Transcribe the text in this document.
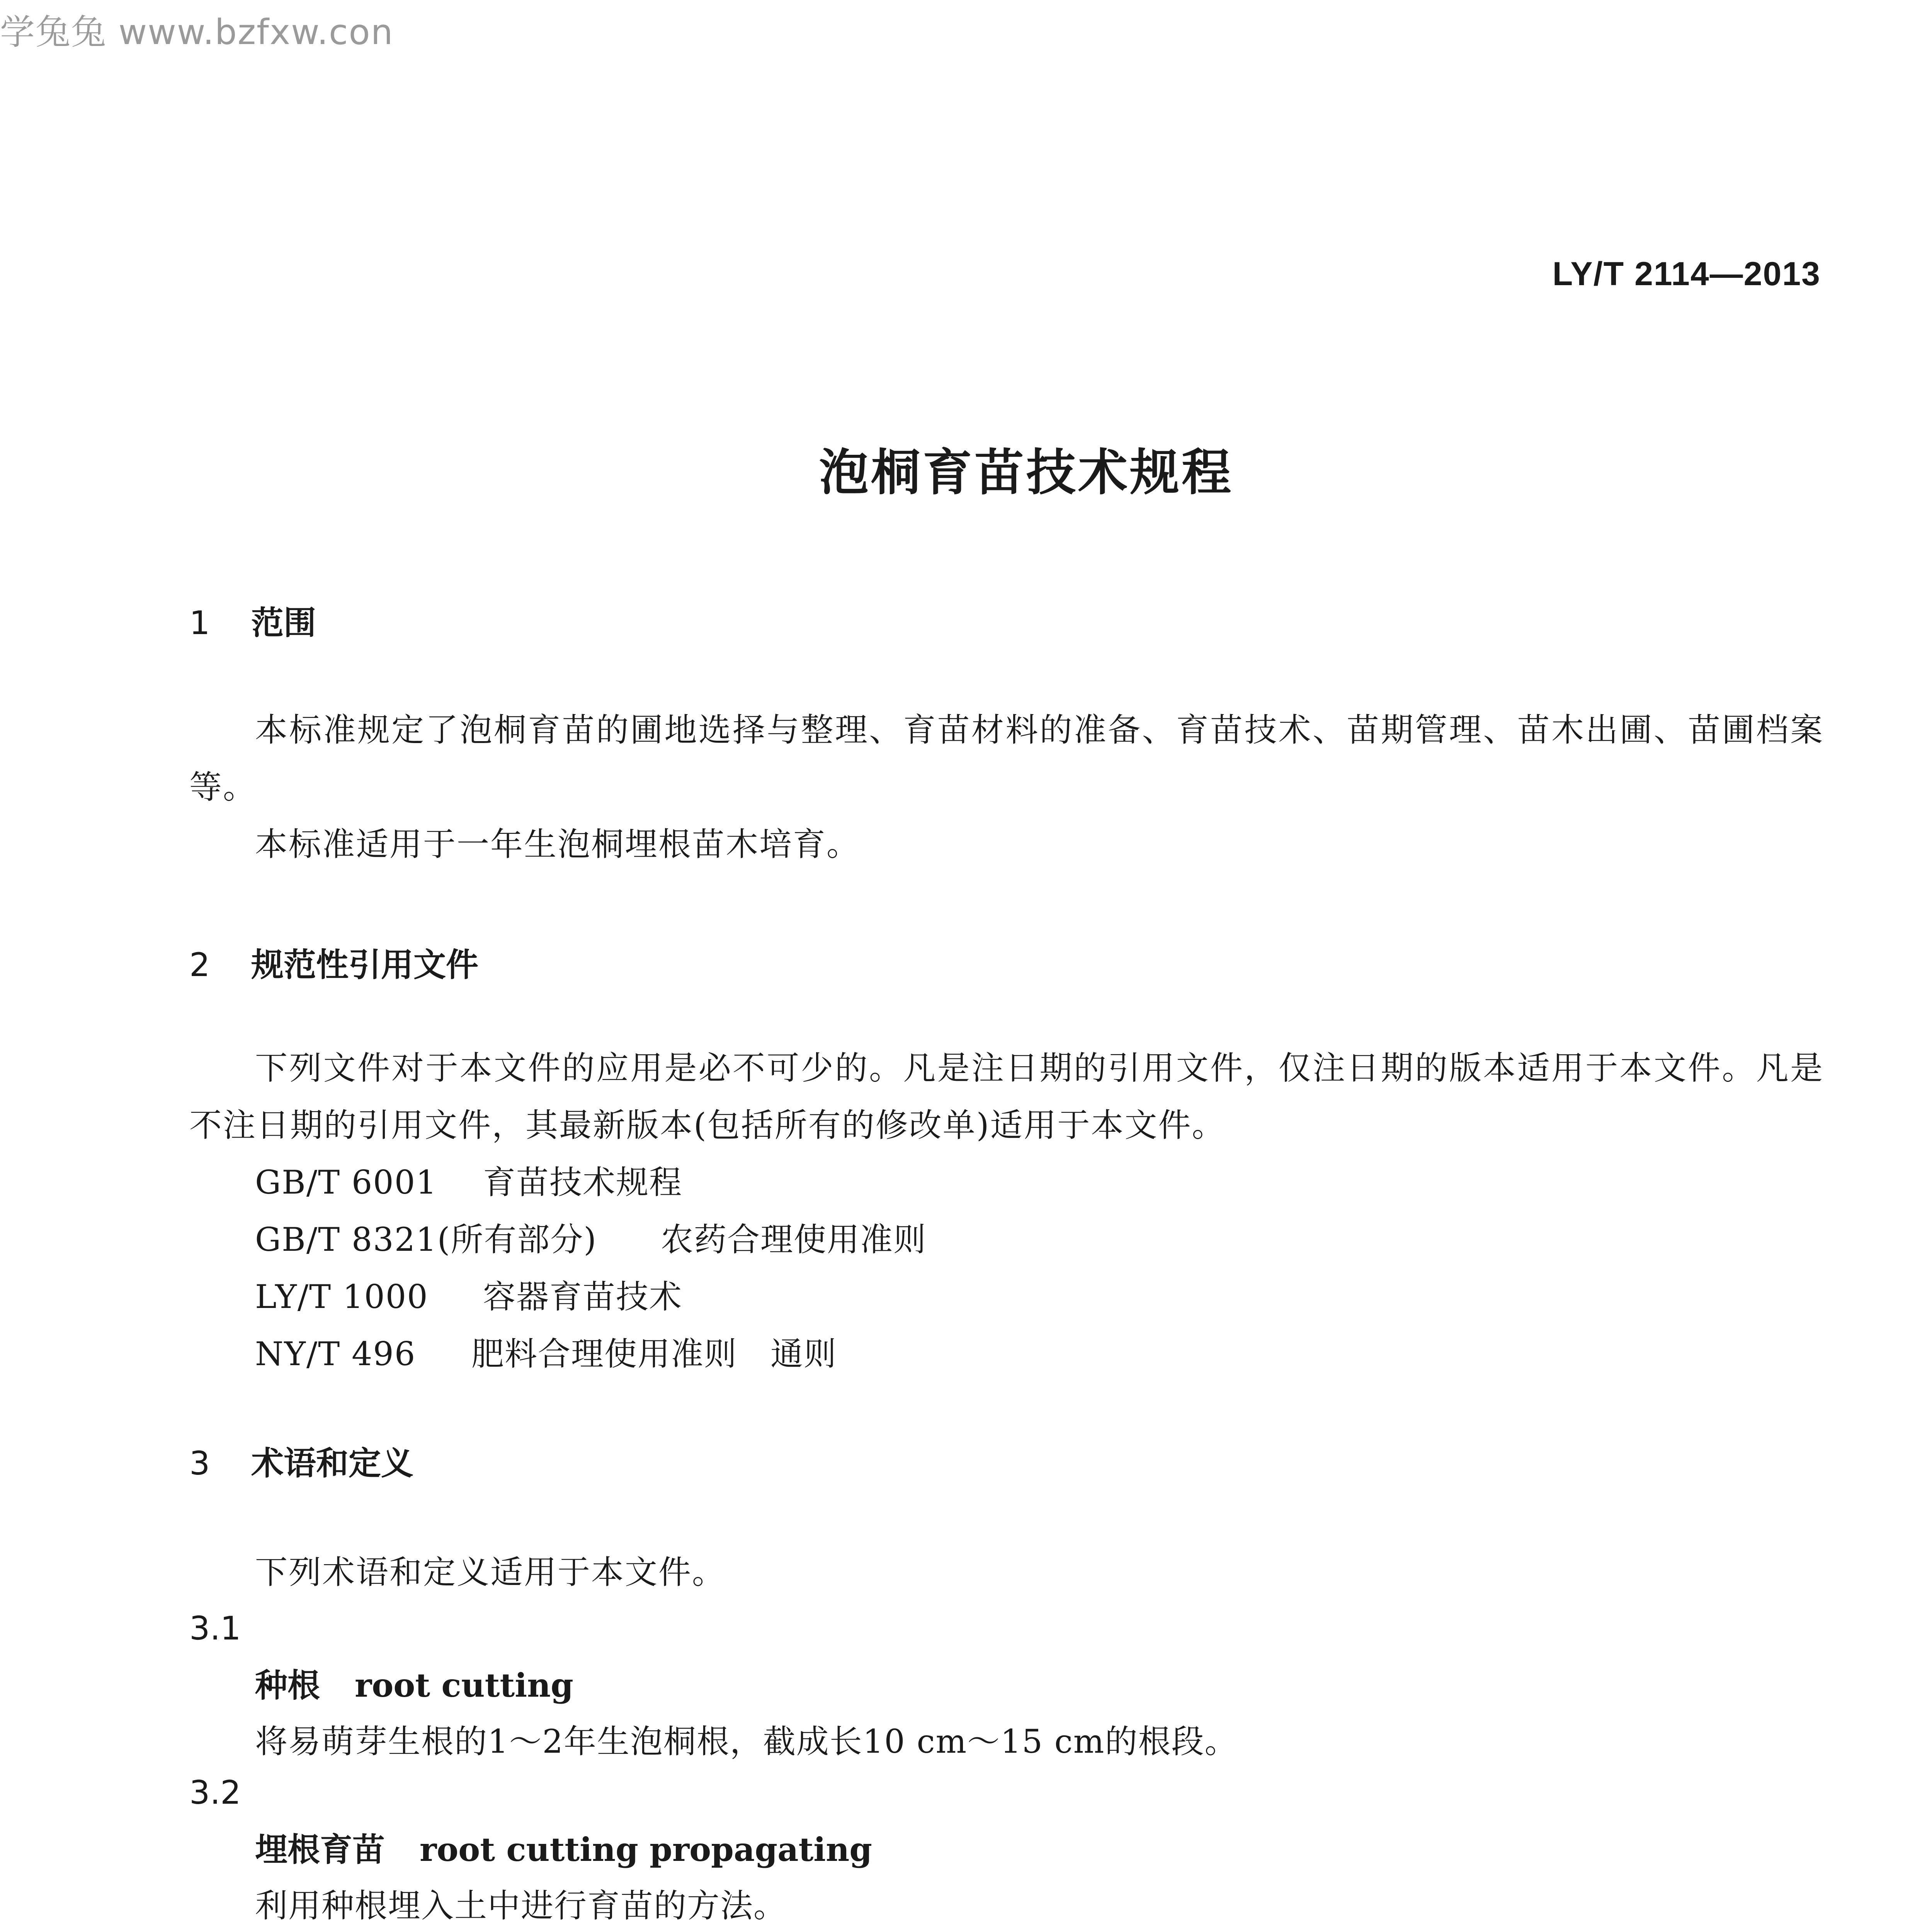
学兔兔 www.bzfxw.con
LY/T 2114—2013
泡桐育苗技术规程
1 范围
本标准规定了泡桐育苗的圃地选择与整理、育苗材料的准备、育苗技术、苗期管理、苗木出圃、苗圃档案等。
本标准适用于一年生泡桐埋根苗木培育。
2 规范性引用文件
下列文件对于本文件的应用是必不可少的。凡是注日期的引用文件，仅注日期的版本适用于本文件。凡是不注日期的引用文件，其最新版本(包括所有的修改单)适用于本文件。
GB/T 6001 育苗技术规程
GB/T 8321(所有部分) 农药合理使用准则
LY/T 1000 容器育苗技术
NY/T 496 肥料合理使用准则　通则
3 术语和定义
下列术语和定义适用于本文件。
3.1
种根 root cutting
将易萌芽生根的1～2年生泡桐根，截成长10 cm～15 cm的根段。
3.2
埋根育苗 root cutting propagating
利用种根埋入土中进行育苗的方法。
